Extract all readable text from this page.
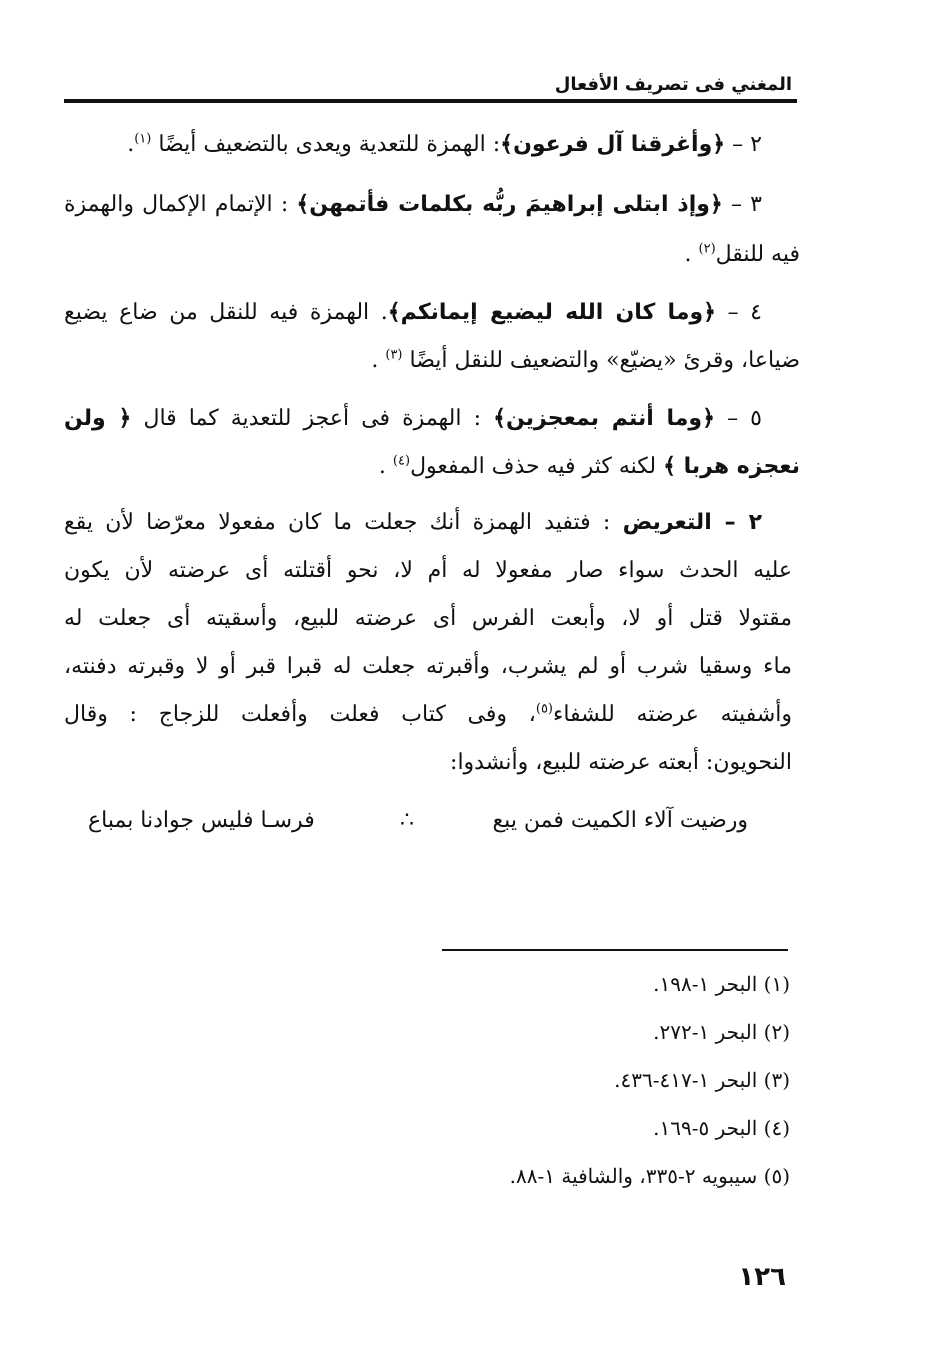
المغني فى تصريف الأفعال
٢ – ﴿وأغرقنا آل فرعون﴾: الهمزة للتعدية ويعدى بالتضعيف أيضًا $^{(١)}$.
٣ – ﴿وإذ ابتلى إبراهيمَ ربُّه بكلمات فأتمهن﴾ : الإتمام الإكمال والهمزة
فيه للنقل$^{(٢)}$ .
٤ – ﴿وما كان الله ليضيع إيمانكم﴾. الهمزة فيه للنقل من ضاع يضيع
ضياعا، وقرئ «يضيّع» والتضعيف للنقل أيضًا $^{(٣)}$ .
٥ – ﴿وما أنتم بمعجزين﴾ : الهمزة فى أعجز للتعدية كما قال ﴿ ولن
نعجزه هربا ﴾ لكنه كثر فيه حذف المفعول$^{(٤)}$ .
٢ – التعريض : فتفيد الهمزة أنك جعلت ما كان مفعولا معرّضا لأن يقع
عليه الحدث سواء صار مفعولا له أم لا، نحو أقتلته أى عرضته لأن يكون
مقتولا قتل أو لا، وأبعت الفرس أى عرضته للبيع، وأسقيته أى جعلت له
ماء وسقيا شرب أو لم يشرب، وأقبرته جعلت له قبرا قبر أو لا وقبرته دفنته،
وأشفيته عرضته للشفاء$^{(٥)}$، وفى كتاب فعلت وأفعلت للزجاج : وقال
النحويون: أبعته عرضته للبيع، وأنشدوا:
ورضيت آلاء الكميت فمن يبع
∴
فرسـا فليس جوادنا بمباع
(١) البحر ١-١٩٨.
(٢) البحر ١-٢٧٢.
(٣) البحر ١-٤١٧-٤٣٦.
(٤) البحر ٥-١٦٩.
(٥) سيبويه ٢-٣٣٥، والشافية ١-٨٨.
١٢٦
